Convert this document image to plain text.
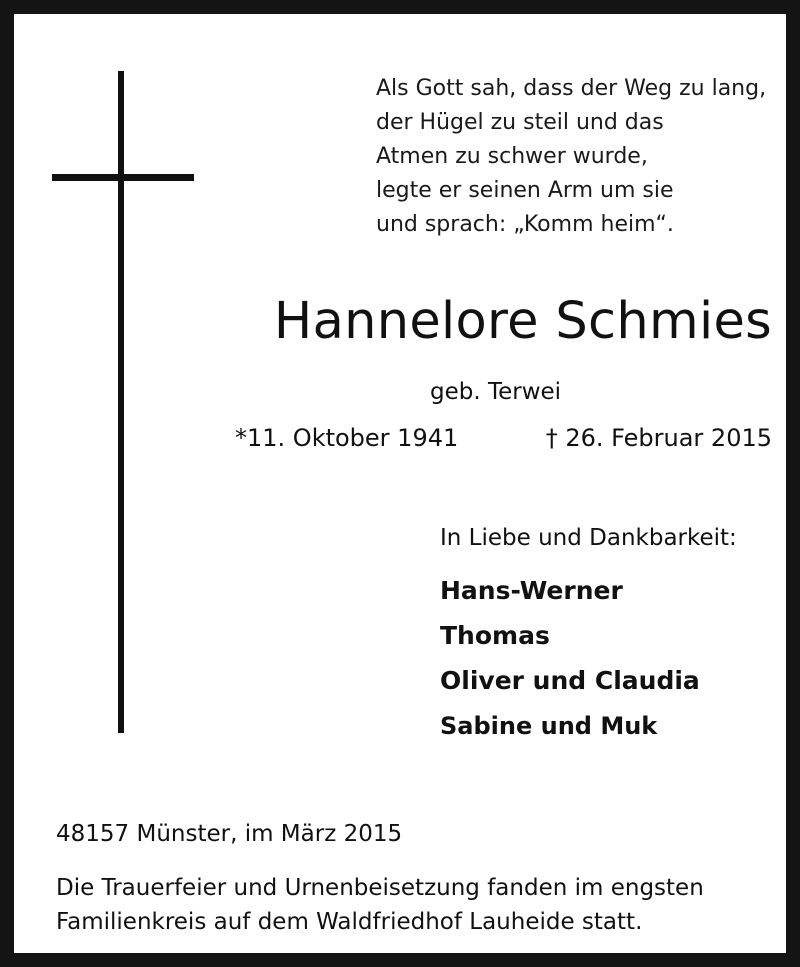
Als Gott sah, dass der Weg zu lang,
der Hügel zu steil und das
Atmen zu schwer wurde,
legte er seinen Arm um sie
und sprach: „Komm heim“.
Hannelore Schmies
geb. Terwei
*11. Oktober 1941	† 26. Februar 2015
In Liebe und Dankbarkeit:
Hans-Werner
Thomas
Oliver und Claudia
Sabine und Muk
48157 Münster, im März 2015
Die Trauerfeier und Urnenbeisetzung fanden im engsten
Familienkreis auf dem Waldfriedhof Lauheide statt.
